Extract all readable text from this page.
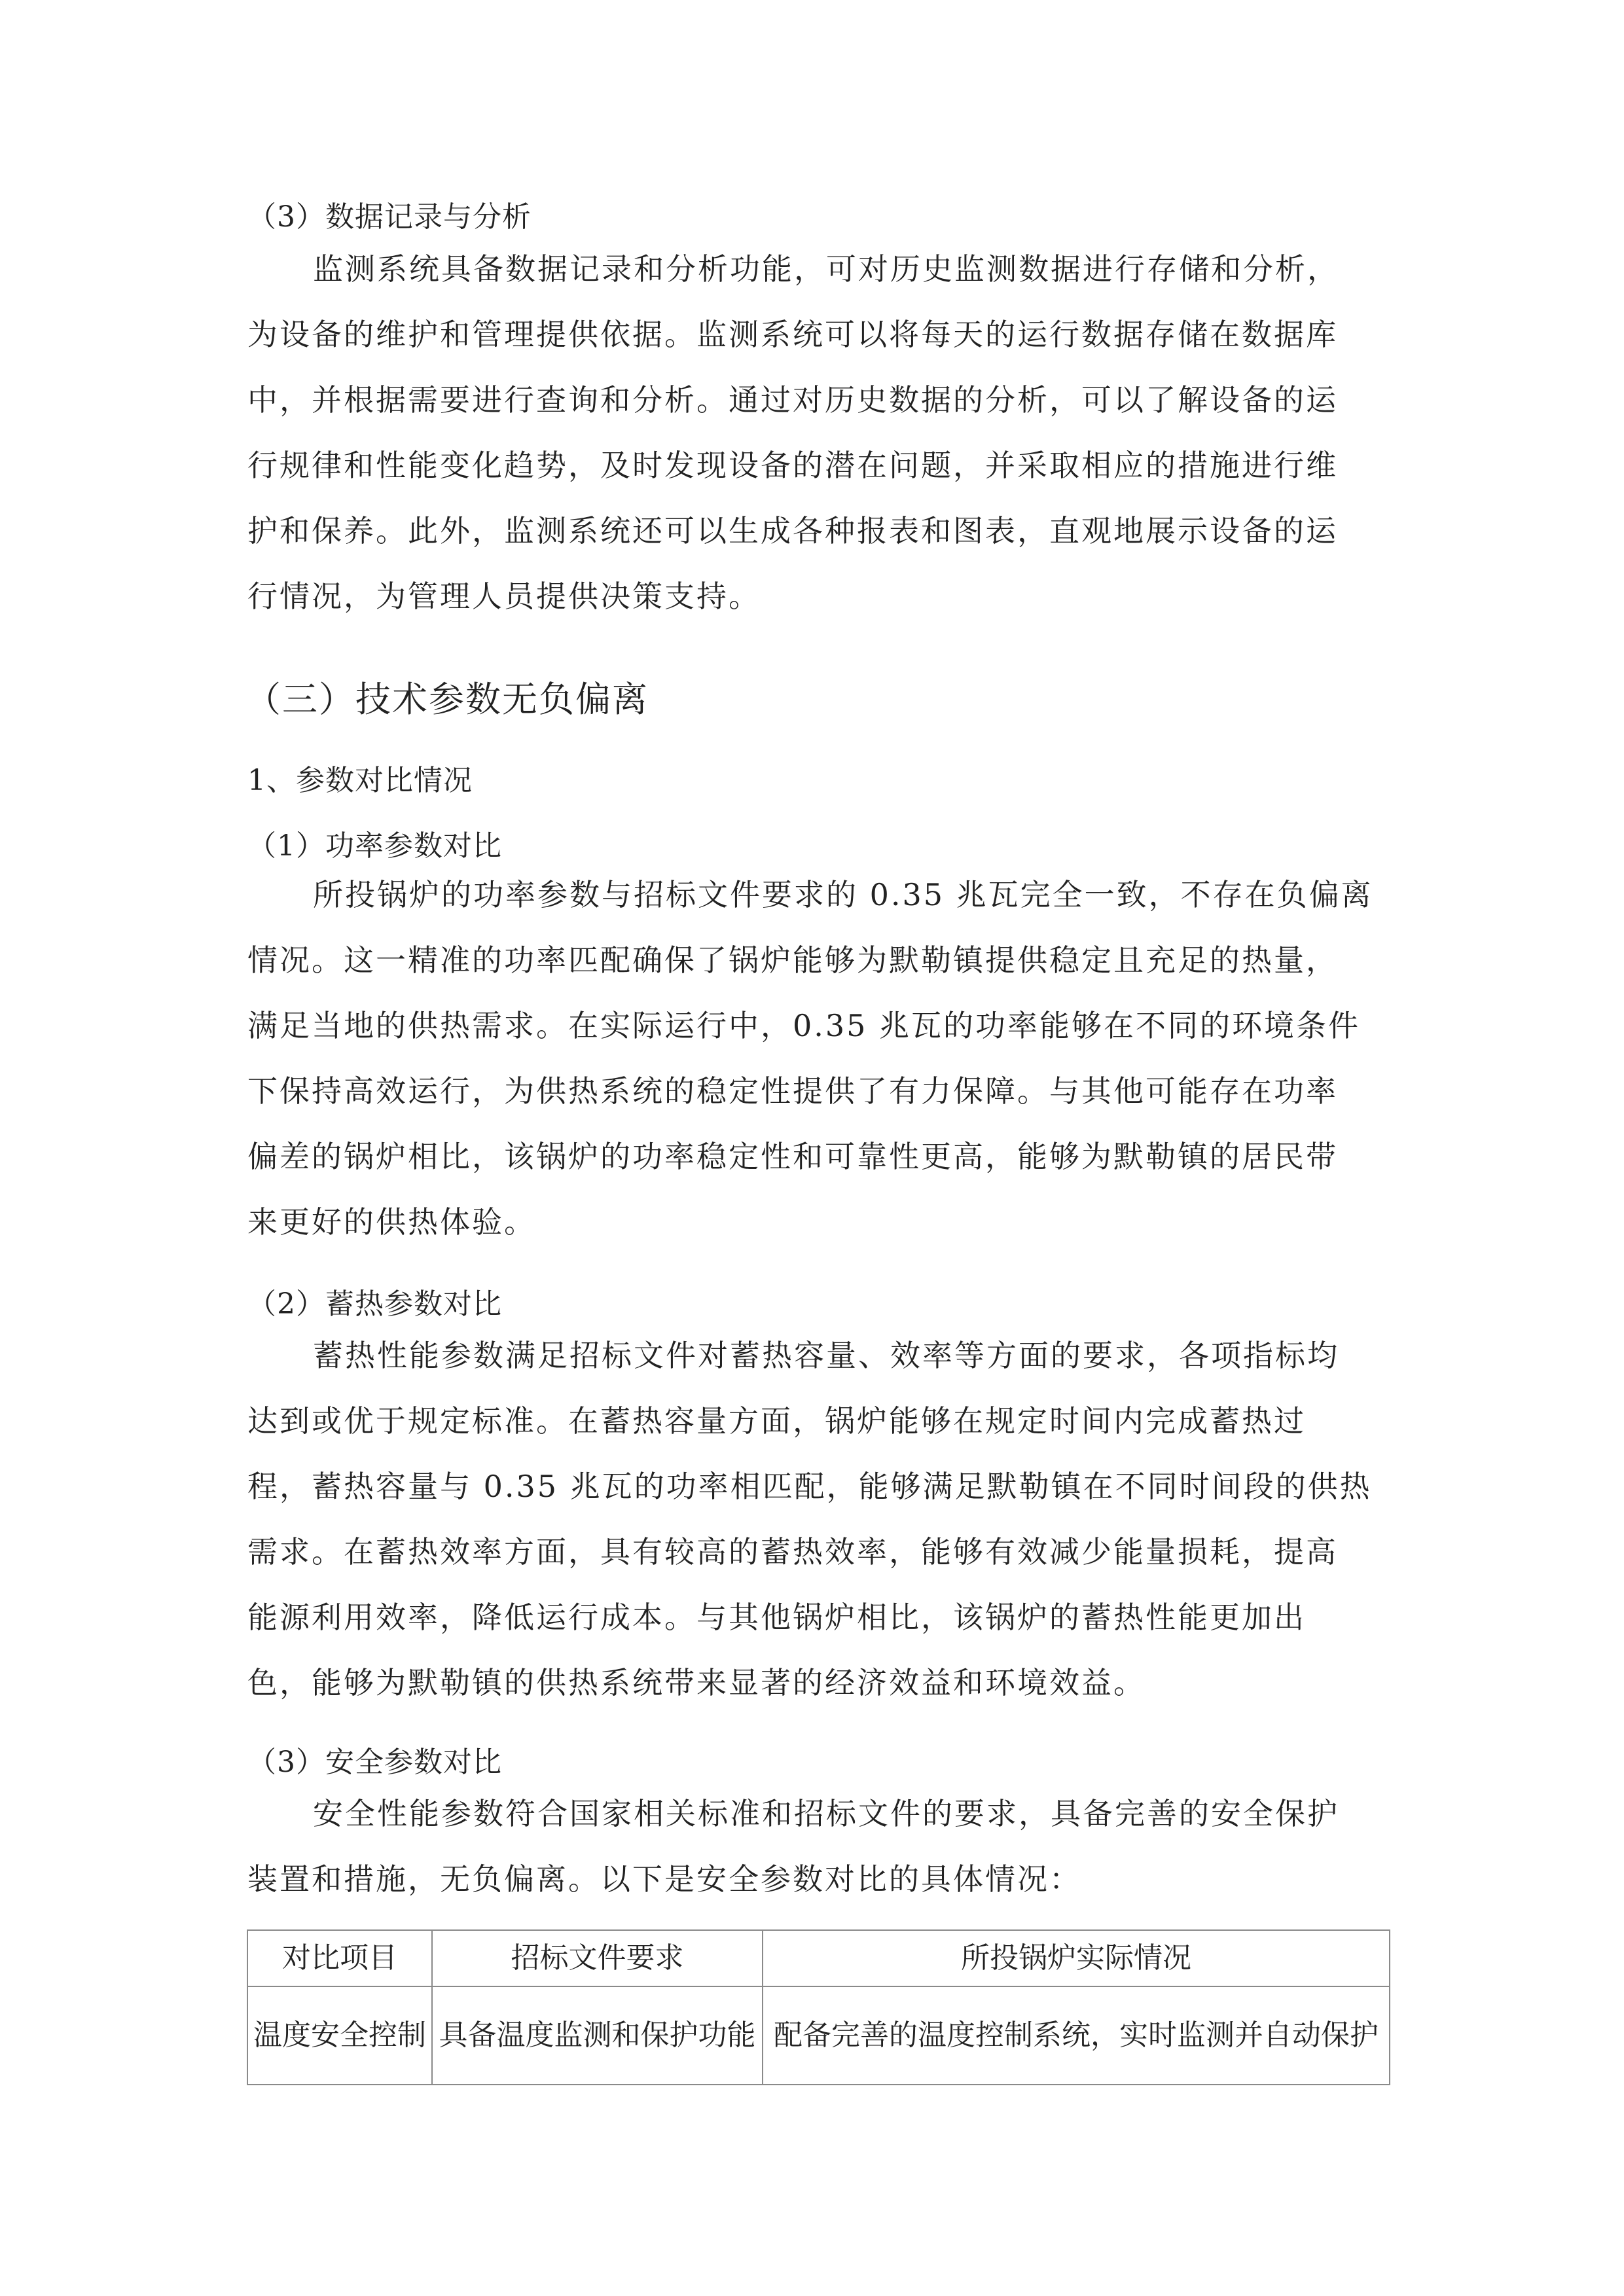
（3）数据记录与分析

监测系统具备数据记录和分析功能，可对历史监测数据进行存储和分析，
为设备的维护和管理提供依据。监测系统可以将每天的运行数据存储在数据库
中，并根据需要进行查询和分析。通过对历史数据的分析，可以了解设备的运
行规律和性能变化趋势，及时发现设备的潜在问题，并采取相应的措施进行维
护和保养。此外，监测系统还可以生成各种报表和图表，直观地展示设备的运
行情况，为管理人员提供决策支持。

（三）技术参数无负偏离

1、参数对比情况

（1）功率参数对比

所投锅炉的功率参数与招标文件要求的 0.35 兆瓦完全一致，不存在负偏离
情况。这一精准的功率匹配确保了锅炉能够为默勒镇提供稳定且充足的热量，
满足当地的供热需求。在实际运行中，0.35 兆瓦的功率能够在不同的环境条件
下保持高效运行，为供热系统的稳定性提供了有力保障。与其他可能存在功率
偏差的锅炉相比，该锅炉的功率稳定性和可靠性更高，能够为默勒镇的居民带
来更好的供热体验。

（2）蓄热参数对比

蓄热性能参数满足招标文件对蓄热容量、效率等方面的要求，各项指标均
达到或优于规定标准。在蓄热容量方面，锅炉能够在规定时间内完成蓄热过
程，蓄热容量与 0.35 兆瓦的功率相匹配，能够满足默勒镇在不同时间段的供热
需求。在蓄热效率方面，具有较高的蓄热效率，能够有效减少能量损耗，提高
能源利用效率，降低运行成本。与其他锅炉相比，该锅炉的蓄热性能更加出
色，能够为默勒镇的供热系统带来显著的经济效益和环境效益。

（3）安全参数对比

安全性能参数符合国家相关标准和招标文件的要求，具备完善的安全保护
装置和措施，无负偏离。以下是安全参数对比的具体情况：
对比项目	招标文件要求	所投锅炉实际情况
温度安全控制	具备温度监测和保护功能	配备完善的温度控制系统，实时监测并自动保护
